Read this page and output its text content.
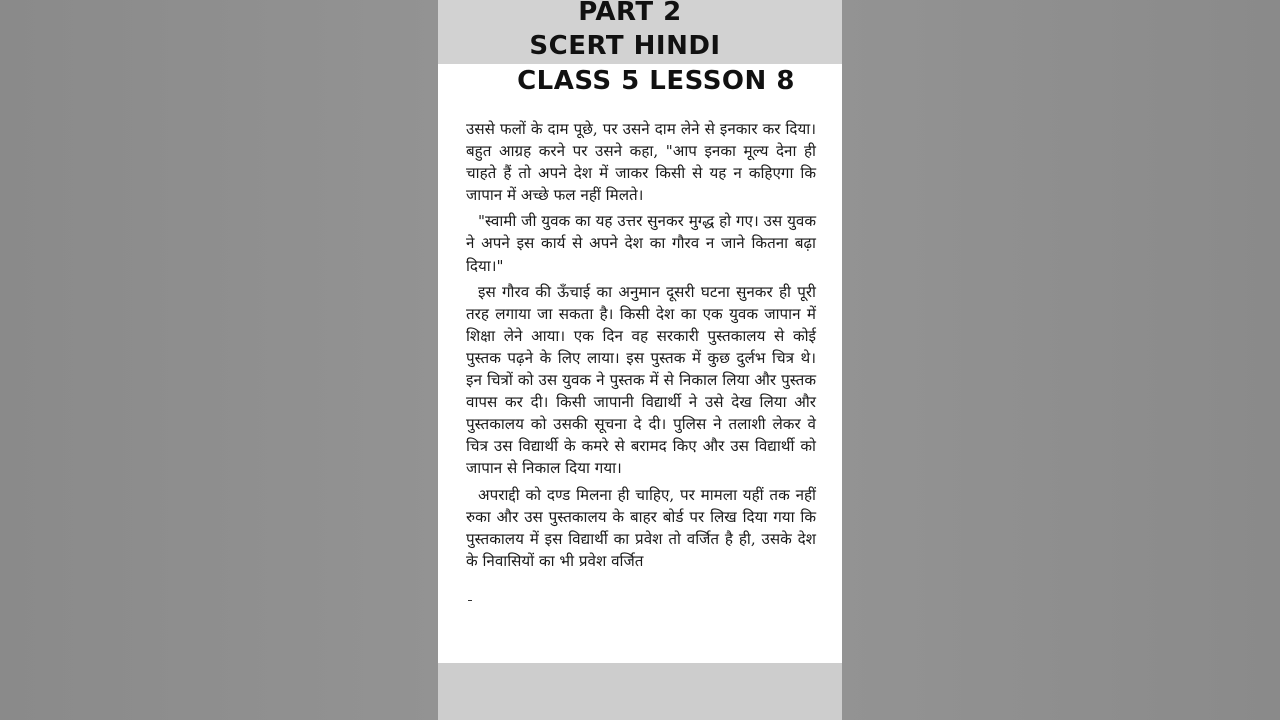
PART 2
SCERT HINDI
CLASS 5 LESSON 8

उससे फलों के दाम पूछे, पर उसने दाम लेने से इनकार कर दिया। बहुत आग्रह करने पर उसने कहा, "आप इनका मूल्य देना ही चाहते हैं तो अपने देश में जाकर किसी से यह न कहिएगा कि जापान में अच्छे फल नहीं मिलते।

"स्वामी जी युवक का यह उत्तर सुनकर मुग्द्ध हो गए। उस युवक ने अपने इस कार्य से अपने देश का गौरव न जाने कितना बढ़ा दिया।"

इस गौरव की ऊँचाई का अनुमान दूसरी घटना सुनकर ही पूरी तरह लगाया जा सकता है। किसी देश का एक युवक जापान में शिक्षा लेने आया। एक दिन वह सरकारी पुस्तकालय से कोई पुस्तक पढ़ने के लिए लाया। इस पुस्तक में कुछ दुर्लभ चित्र थे। इन चित्रों को उस युवक ने पुस्तक में से निकाल लिया और पुस्तक वापस कर दी। किसी जापानी विद्यार्थी ने उसे देख लिया और पुस्तकालय को उसकी सूचना दे दी। पुलिस ने तलाशी लेकर वे चित्र उस विद्यार्थी के कमरे से बरामद किए और उस विद्यार्थी को जापान से निकाल दिया गया।

अपराद्दी को दण्ड मिलना ही चाहिए, पर मामला यहीं तक नहीं रुका और उस पुस्तकालय के बाहर बोर्ड पर लिख दिया गया कि पुस्तकालय में इस विद्यार्थी का प्रवेश तो वर्जित है ही, उसके देश के निवासियों का भी प्रवेश वर्जित
